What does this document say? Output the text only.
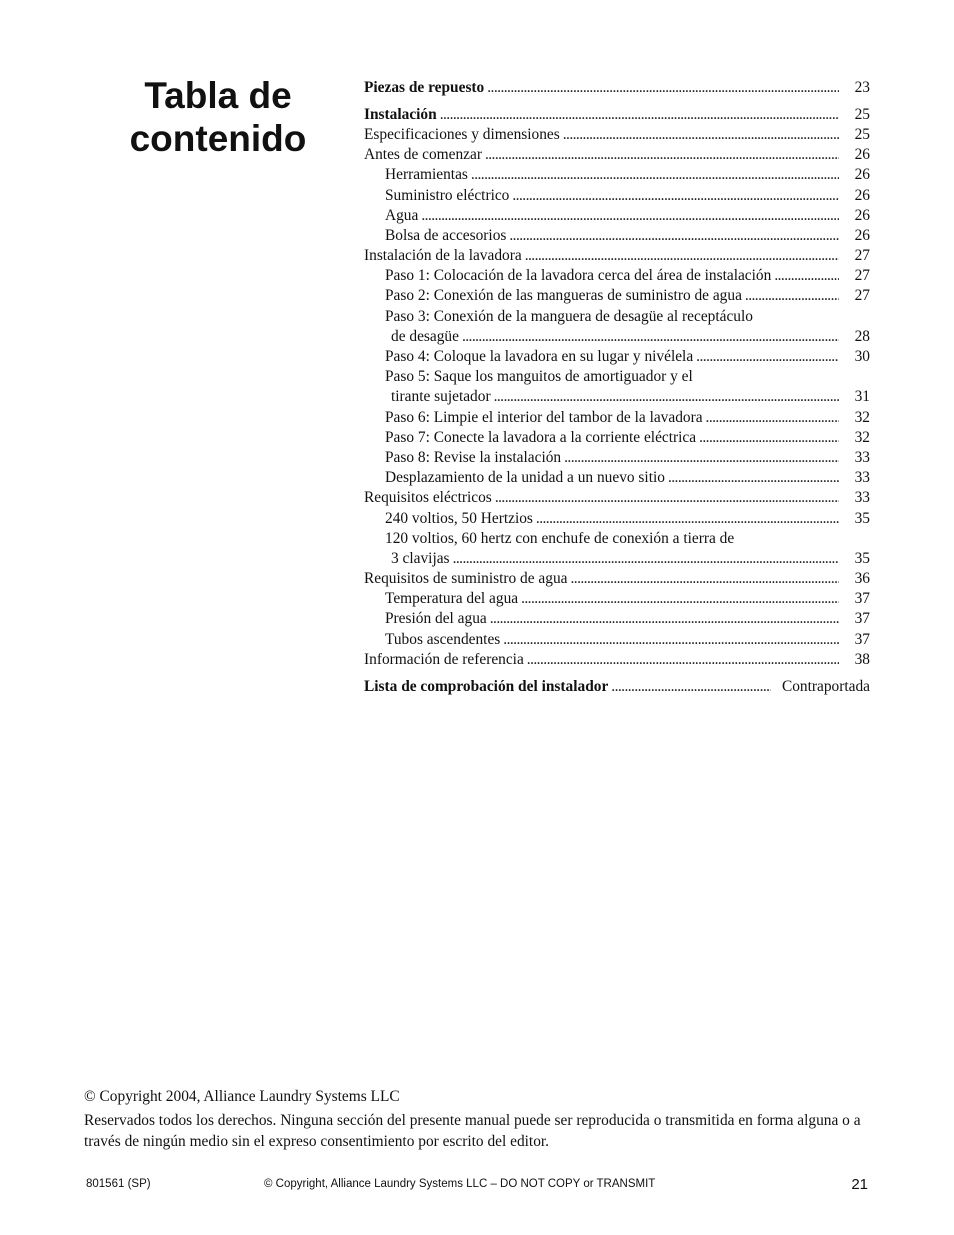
Tabla de
contenido
Piezas de repuesto . . .	23
Instalación . . .	25
Especificaciones y dimensiones . . .	25
Antes de comenzar . . .	26
Herramientas . . .	26
Suministro eléctrico . . .	26
Agua . . .	26
Bolsa de accesorios . . .	26
Instalación de la lavadora . . .	27
Paso 1: Colocación de la lavadora cerca del área de instalación . . .	27
Paso 2: Conexión de las mangueras de suministro de agua . . .	27
Paso 3: Conexión de la manguera de desagüe al receptáculo
de desagüe . . .	28
Paso 4: Coloque la lavadora en su lugar y nivélela . . .	30
Paso 5: Saque los manguitos de amortiguador y el
tirante sujetador . . .	31
Paso 6: Limpie el interior del tambor de la lavadora . . .	32
Paso 7: Conecte la lavadora a la corriente eléctrica . . .	32
Paso 8: Revise la instalación . . .	33
Desplazamiento de la unidad a un nuevo sitio . . .	33
Requisitos eléctricos . . .	33
240 voltios, 50 Hertzios . . .	35
120 voltios, 60 hertz con enchufe de conexión a tierra de
3 clavijas . . .	35
Requisitos de suministro de agua . . .	36
Temperatura del agua . . .	37
Presión del agua . . .	37
Tubos ascendentes . . .	37
Información de referencia . . .	38
Lista de comprobación del instalador . . .	Contraportada
© Copyright 2004, Alliance Laundry Systems LLC
Reservados todos los derechos. Ninguna sección del presente manual puede ser reproducida o transmitida en forma alguna o a través de ningún medio sin el expreso consentimiento por escrito del editor.
801561 (SP)	© Copyright, Alliance Laundry Systems LLC – DO NOT COPY or TRANSMIT	21
